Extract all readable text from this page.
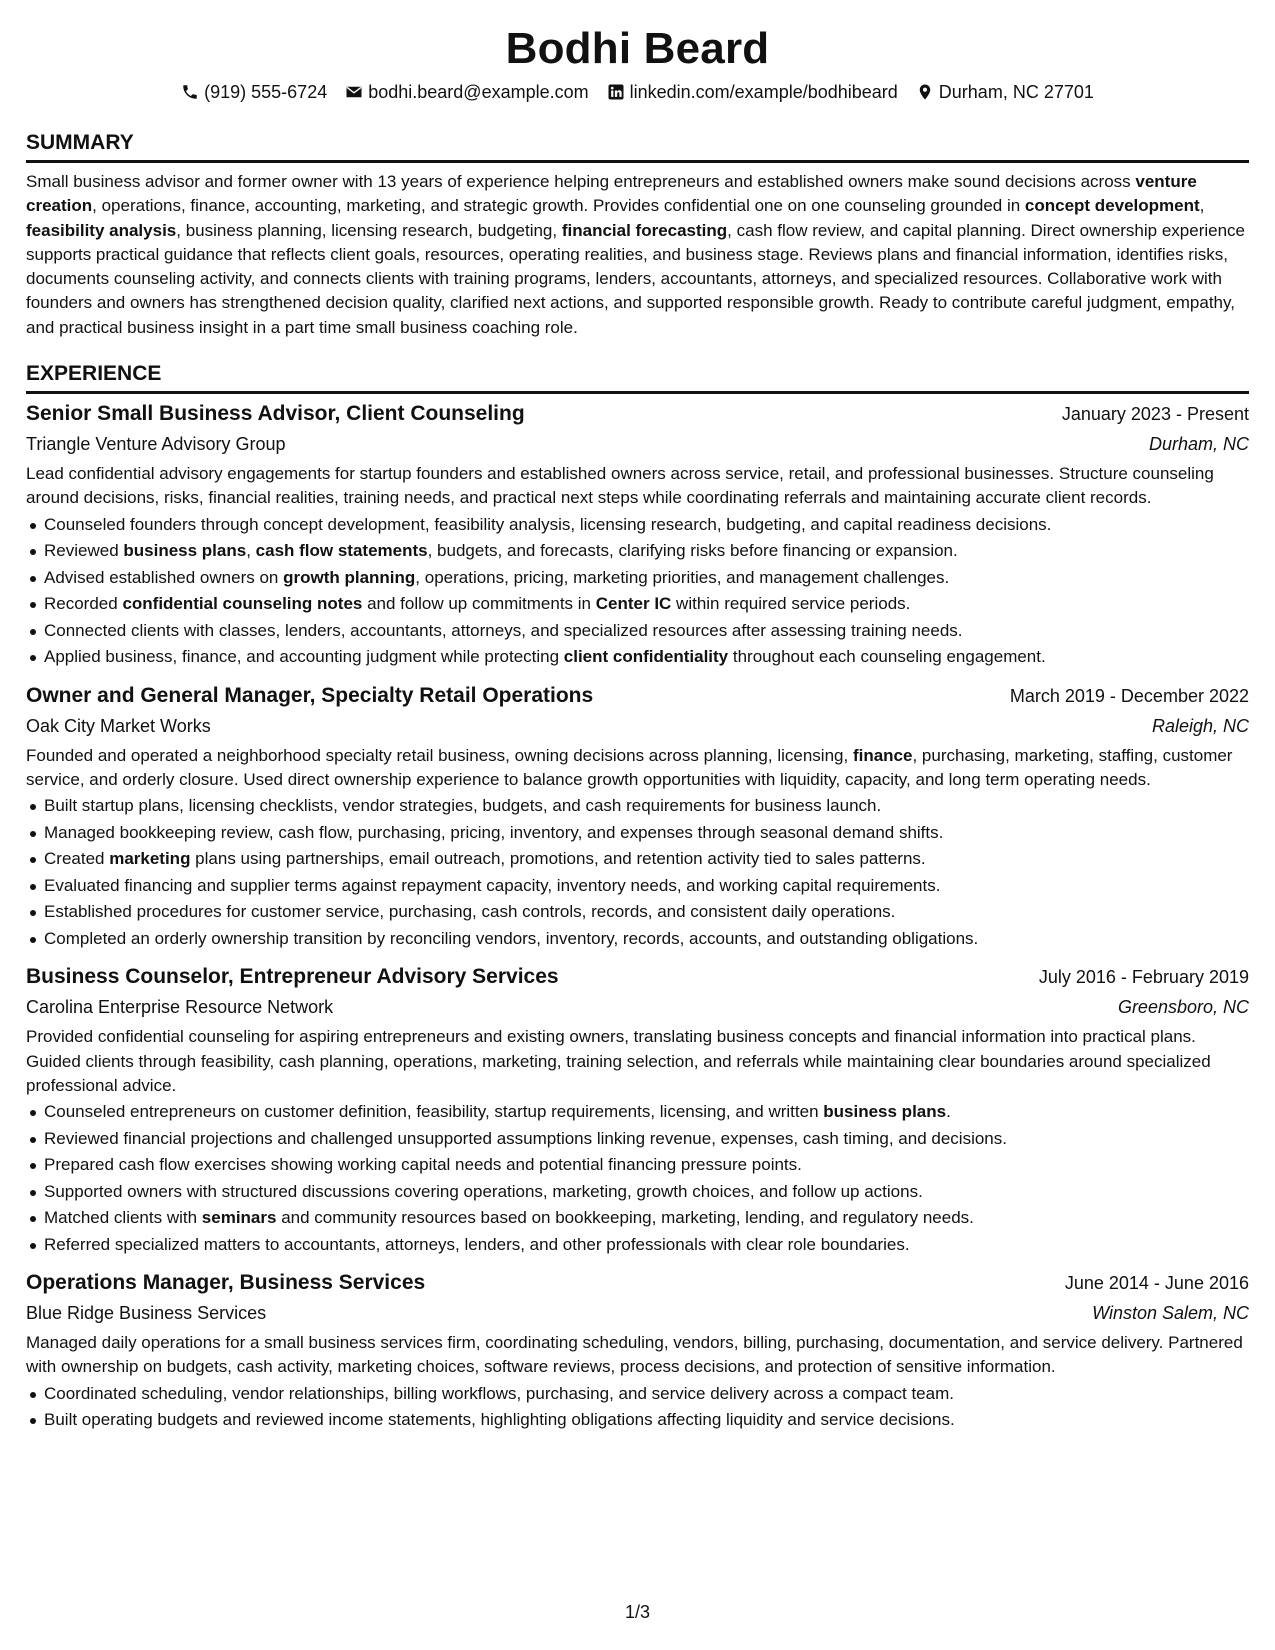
Bodhi Beard
(919) 555-6724 bodhi.beard@example.com linkedin.com/example/bodhibeard Durham, NC 27701
SUMMARY

Small business advisor and former owner with 13 years of experience helping entrepreneurs and established owners make sound decisions across venture creation, operations, finance, accounting, marketing, and strategic growth. Provides confidential one on one counseling grounded in concept development, feasibility analysis, business planning, licensing research, budgeting, financial forecasting, cash flow review, and capital planning. Direct ownership experience supports practical guidance that reflects client goals, resources, operating realities, and business stage. Reviews plans and financial information, identifies risks, documents counseling activity, and connects clients with training programs, lenders, accountants, attorneys, and specialized resources. Collaborative work with founders and owners has strengthened decision quality, clarified next actions, and supported responsible growth. Ready to contribute careful judgment, empathy, and practical business insight in a part time small business coaching role.

EXPERIENCE
Senior Small Business Advisor, Client Counseling	January 2023 - Present
Triangle Venture Advisory Group	Durham, NC

Lead confidential advisory engagements for startup founders and established owners across service, retail, and professional businesses. Structure counseling around decisions, risks, financial realities, training needs, and practical next steps while coordinating referrals and maintaining accurate client records.

Counseled founders through concept development, feasibility analysis, licensing research, budgeting, and capital readiness decisions.
Reviewed business plans, cash flow statements, budgets, and forecasts, clarifying risks before financing or expansion.
Advised established owners on growth planning, operations, pricing, marketing priorities, and management challenges.
Recorded confidential counseling notes and follow up commitments in Center IC within required service periods.
Connected clients with classes, lenders, accountants, attorneys, and specialized resources after assessing training needs.
Applied business, finance, and accounting judgment while protecting client confidentiality throughout each counseling engagement.
Owner and General Manager, Specialty Retail Operations	March 2019 - December 2022
Oak City Market Works	Raleigh, NC

Founded and operated a neighborhood specialty retail business, owning decisions across planning, licensing, finance, purchasing, marketing, staffing, customer service, and orderly closure. Used direct ownership experience to balance growth opportunities with liquidity, capacity, and long term operating needs.

Built startup plans, licensing checklists, vendor strategies, budgets, and cash requirements for business launch.
Managed bookkeeping review, cash flow, purchasing, pricing, inventory, and expenses through seasonal demand shifts.
Created marketing plans using partnerships, email outreach, promotions, and retention activity tied to sales patterns.
Evaluated financing and supplier terms against repayment capacity, inventory needs, and working capital requirements.
Established procedures for customer service, purchasing, cash controls, records, and consistent daily operations.
Completed an orderly ownership transition by reconciling vendors, inventory, records, accounts, and outstanding obligations.
Business Counselor, Entrepreneur Advisory Services	July 2016 - February 2019
Carolina Enterprise Resource Network	Greensboro, NC

Provided confidential counseling for aspiring entrepreneurs and existing owners, translating business concepts and financial information into practical plans. Guided clients through feasibility, cash planning, operations, marketing, training selection, and referrals while maintaining clear boundaries around specialized professional advice.

Counseled entrepreneurs on customer definition, feasibility, startup requirements, licensing, and written business plans.
Reviewed financial projections and challenged unsupported assumptions linking revenue, expenses, cash timing, and decisions.
Prepared cash flow exercises showing working capital needs and potential financing pressure points.
Supported owners with structured discussions covering operations, marketing, growth choices, and follow up actions.
Matched clients with seminars and community resources based on bookkeeping, marketing, lending, and regulatory needs.
Referred specialized matters to accountants, attorneys, lenders, and other professionals with clear role boundaries.
Operations Manager, Business Services	June 2014 - June 2016
Blue Ridge Business Services	Winston Salem, NC

Managed daily operations for a small business services firm, coordinating scheduling, vendors, billing, purchasing, documentation, and service delivery. Partnered with ownership on budgets, cash activity, marketing choices, software reviews, process decisions, and protection of sensitive information.

Coordinated scheduling, vendor relationships, billing workflows, purchasing, and service delivery across a compact team.
Built operating budgets and reviewed income statements, highlighting obligations affecting liquidity and service decisions.
1/3
